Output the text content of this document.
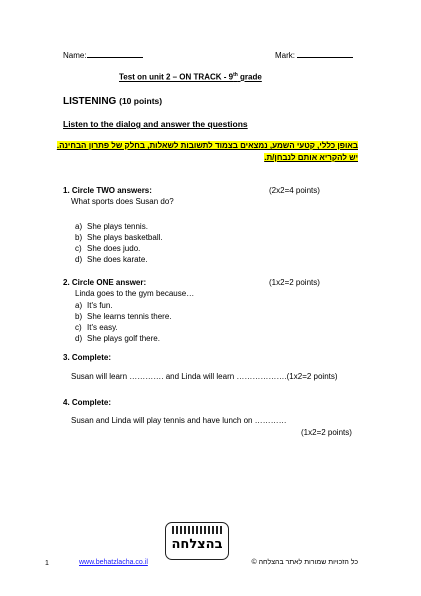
Name:	Mark:
Test on unit 2 – ON TRACK - 9th grade
LISTENING (10 points)
Listen to the dialog and answer the questions
באופן כללי, קטעי השמע, נמצאים בצמוד לתשובות לשאלות, בחלק של פתרון הבחינה.
יש להקריא אותם לנבחן/ת.
1. Circle TWO answers:	(2x2=4 points)
What sports does Susan do?
a) She plays tennis.
b) She plays basketball.
c) She does judo.
d) She does karate.
2. Circle ONE answer:	(1x2=2 points)
Linda goes to the gym because…
a) It's fun.
b) She learns tennis there.
c) It's easy.
d) She plays golf there.
3. Complete:
Susan will learn …………. and Linda will learn ……………….(1x2=2 points)
4. Complete:
Susan and Linda will play tennis and have lunch on …………
(1x2=2 points)
בהצלחה
1	www.behatzlacha.co.il	כל הזכויות שמורות לאתר בהצלחה ©
